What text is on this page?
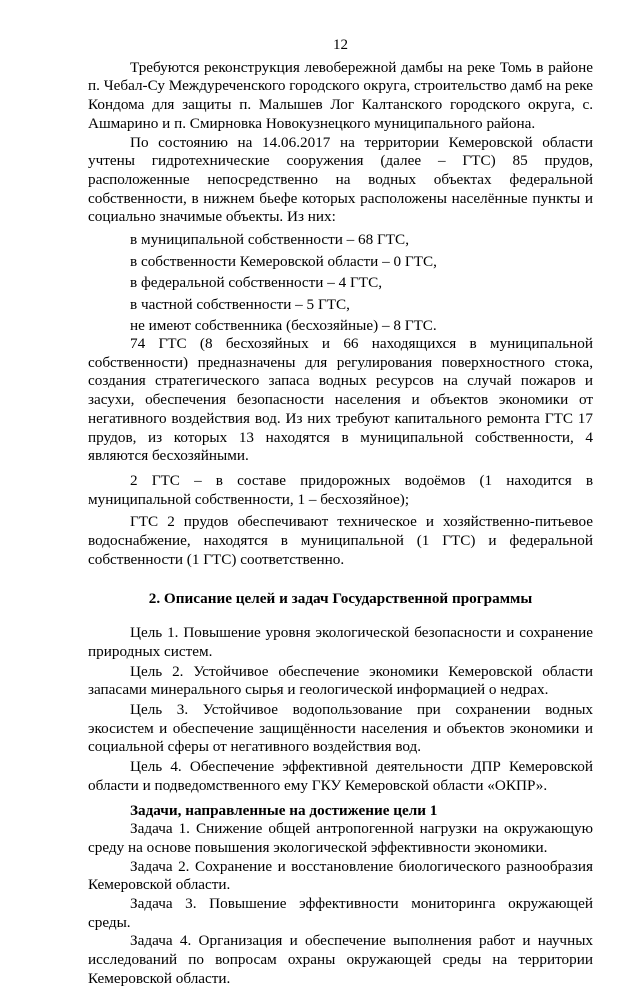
12

Требуются реконструкция левобережной дамбы на реке Томь в районе п. Чебал-Су Междуреченского городского округа, строительство дамб на реке Кондома для защиты п. Малышев Лог Калтанского городского округа, с. Ашмарино и п. Смирновка Новокузнецкого муниципального района.

По состоянию на 14.06.2017 на территории Кемеровской области учтены гидротехнические сооружения (далее – ГТС) 85 прудов, расположенные непосредственно на водных объектах федеральной собственности, в нижнем бьефе которых расположены населённые пункты и социально значимые объекты. Из них:

в муниципальной собственности – 68 ГТС,

в собственности Кемеровской области – 0 ГТС,

в федеральной собственности – 4 ГТС,

в частной собственности – 5 ГТС,

не имеют собственника (бесхозяйные) – 8 ГТС.

74 ГТС (8 бесхозяйных и 66 находящихся в муниципальной собственности) предназначены для регулирования поверхностного стока, создания стратегического запаса водных ресурсов на случай пожаров и засухи, обеспечения безопасности населения и объектов экономики от негативного воздействия вод. Из них требуют капитального ремонта ГТС 17 прудов, из которых 13 находятся в муниципальной собственности, 4 являются бесхозяйными.

2 ГТС – в составе придорожных водоёмов (1 находится в муниципальной собственности, 1 – бесхозяйное);

ГТС 2 прудов обеспечивают техническое и хозяйственно-питьевое водоснабжение, находятся в муниципальной (1 ГТС) и федеральной собственности (1 ГТС) соответственно.

2. Описание целей и задач Государственной программы

Цель 1. Повышение уровня экологической безопасности и сохранение природных систем.

Цель 2. Устойчивое обеспечение экономики Кемеровской области запасами минерального сырья и геологической информацией о недрах.

Цель 3. Устойчивое водопользование при сохранении водных экосистем и обеспечение защищённости населения и объектов экономики и социальной сферы от негативного воздействия вод.

Цель 4. Обеспечение эффективной деятельности ДПР Кемеровской области и подведомственного ему ГКУ Кемеровской области «ОКПР».

Задачи, направленные на достижение цели 1

Задача 1. Снижение общей антропогенной нагрузки на окружающую среду на основе повышения экологической эффективности экономики.

Задача 2. Сохранение и восстановление биологического разнообразия Кемеровской области.

Задача 3. Повышение эффективности мониторинга окружающей среды.

Задача 4. Организация и обеспечение выполнения работ и научных исследований по вопросам охраны окружающей среды на территории Кемеровской области.
